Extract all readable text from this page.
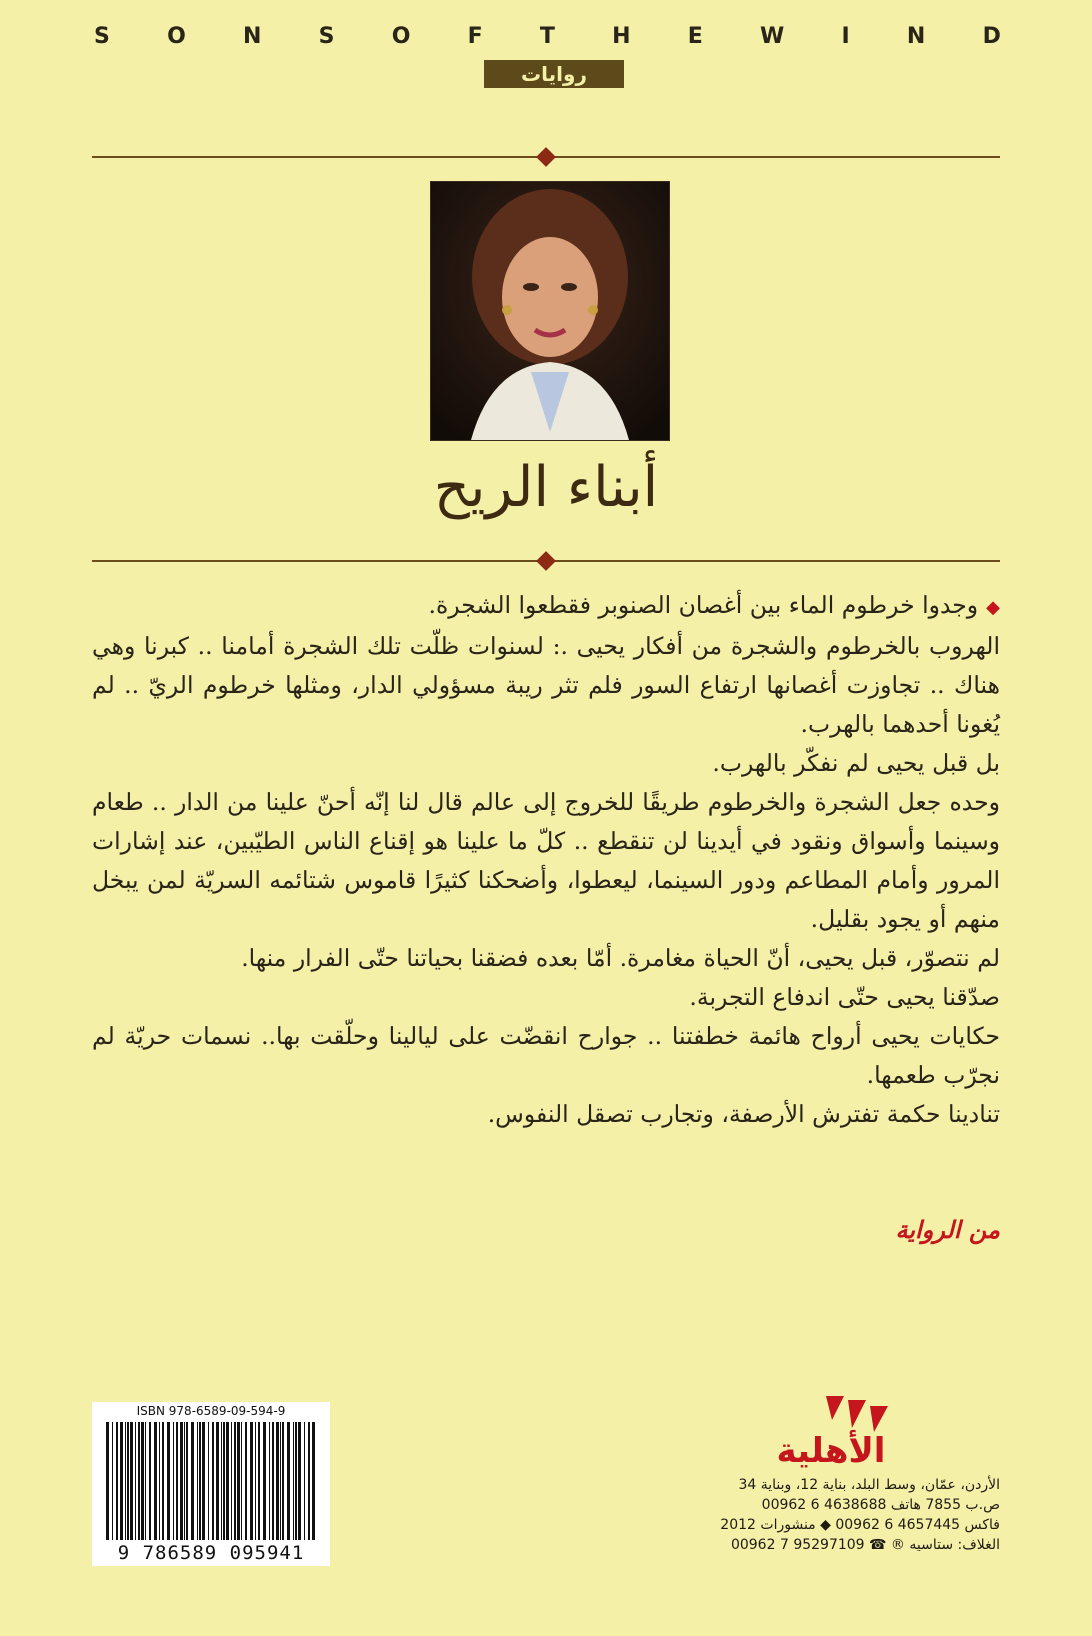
S	O	N	S	O	F	T	H	E	W	I	N	D
روايات
أبناء الريح

◆وجدوا خرطوم الماء بين أغصان الصنوبر فقطعوا الشجرة.

الهروب بالخرطوم والشجرة من أفكار يحيى .: لسنوات ظلّت تلك الشجرة أمامنا .. كبرنا وهي هناك .. تجاوزت أغصانها ارتفاع السور فلم تثر ريبة مسؤولي الدار، ومثلها خرطوم الريّ .. لم يُغونا أحدهما بالهرب.

بل قبل يحيى لم نفكّر بالهرب.

وحده جعل الشجرة والخرطوم طريقًا للخروج إلى عالم قال لنا إنّه أحنّ علينا من الدار .. طعام وسينما وأسواق ونقود في أيدينا لن تنقطع .. كلّ ما علينا هو إقناع الناس الطيّبين، عند إشارات المرور وأمام المطاعم ودور السينما، ليعطوا، وأضحكنا كثيرًا قاموس شتائمه السريّة لمن يبخل منهم أو يجود بقليل.

لم نتصوّر، قبل يحيى، أنّ الحياة مغامرة. أمّا بعده فضقنا بحياتنا حتّى الفرار منها.

صدّقنا يحيى حتّى اندفاع التجربة.

حكايات يحيى أرواح هائمة خطفتنا .. جوارح انقضّت على ليالينا وحلّقت بها.. نسمات حريّة لم نجرّب طعمها.

تنادينا حكمة تفترش الأرصفة، وتجارب تصقل النفوس.

من الرواية
ISBN 978-6589-09-594-9
9 786589 095941
الأهلية
الأردن، عمّان، وسط البلد، بناية 12، وبناية 34
ص.ب 7855 هاتف 4638688 6 00962
فاكس 4657445 6 00962 ◆ منشورات 2012
الغلاف: ستاسيه ® ☎ 95297109 7 00962
